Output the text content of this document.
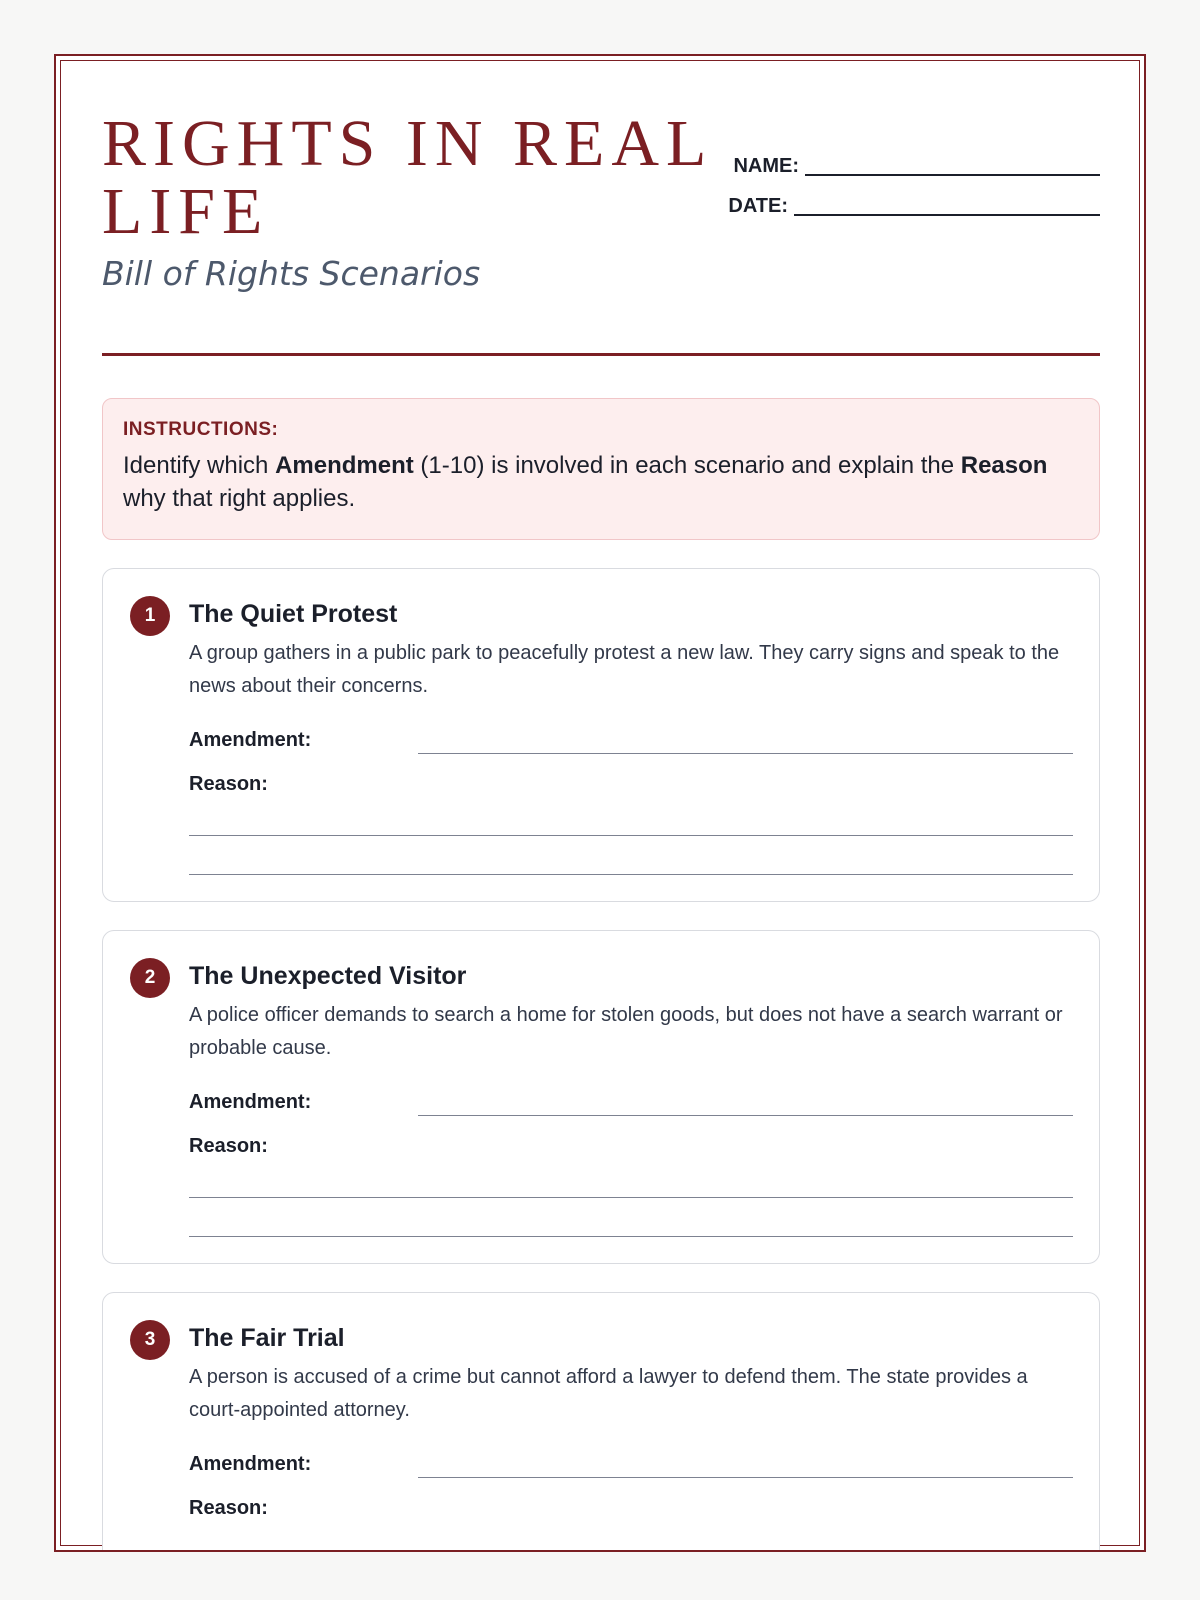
RIGHTS IN REAL LIFE
Bill of Rights Scenarios
NAME:
DATE:
INSTRUCTIONS:
Identify which Amendment (1-10) is involved in each scenario and explain the Reason why that right applies.
1	The Quiet Protest
A group gathers in a public park to peacefully protest a new law. They carry signs and speak to the news about their concerns.
Amendment:
Reason:
2	The Unexpected Visitor
A police officer demands to search a home for stolen goods, but does not have a search warrant or probable cause.
Amendment:
Reason:
3	The Fair Trial
A person is accused of a crime but cannot afford a lawyer to defend them. The state provides a court-appointed attorney.
Amendment:
Reason:
